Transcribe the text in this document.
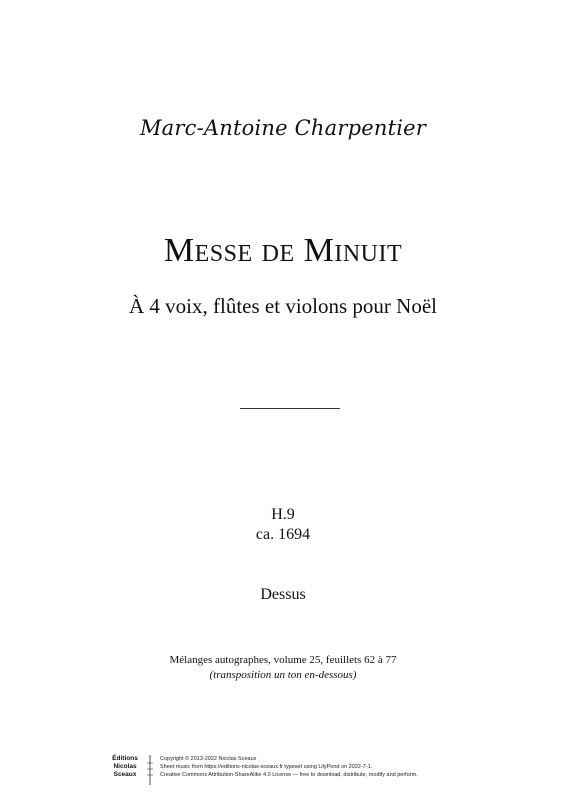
Marc-Antoine Charpentier
Messe de Minuit
À 4 voix, flûtes et violons pour Noël
H.9
ca. 1694
Dessus
Mélanges autographes, volume 25, feuillets 62 à 77
(transposition un ton en-dessous)
Éditions
Nicolas
Sceaux
Copyright © 2013-2022 Nicolas Sceaux
Sheet music from https://editions-nicolas-sceaux.fr typeset using LilyPond on 2022-7-1.
Creative Commons Attribution-ShareAlike 4.0 License — free to download, distribute, modify and perform.
